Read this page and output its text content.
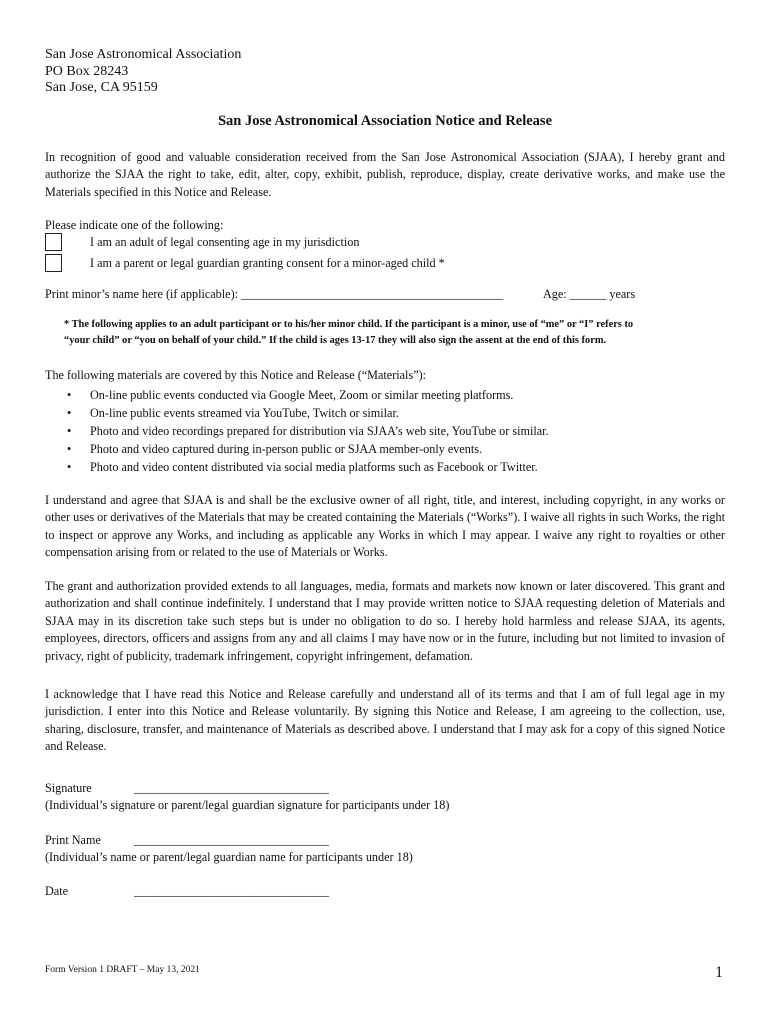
San Jose Astronomical Association
PO Box 28243
San Jose, CA 95159
San Jose Astronomical Association Notice and Release
In recognition of good and valuable consideration received from the San Jose Astronomical Association (SJAA), I hereby grant and authorize the SJAA the right to take, edit, alter, copy, exhibit, publish, reproduce, display, create derivative works, and make use the Materials specified in this Notice and Release.
Please indicate one of the following:
I am an adult of legal consenting age in my jurisdiction
I am a parent or legal guardian granting consent for a minor-aged child *
Print minor’s name here (if applicable): ___________________________________________	Age: ______ years
* The following applies to an adult participant or to his/her minor child. If the participant is a minor, use of “me” or “I” refers to
“your child” or “you on behalf of your child.” If the child is ages 13-17 they will also sign the assent at the end of this form.
The following materials are covered by this Notice and Release (“Materials”):
• On-line public events conducted via Google Meet, Zoom or similar meeting platforms.
• On-line public events streamed via YouTube, Twitch or similar.
• Photo and video recordings prepared for distribution via SJAA’s web site, YouTube or similar.
• Photo and video captured during in-person public or SJAA member-only events.
• Photo and video content distributed via social media platforms such as Facebook or Twitter.
I understand and agree that SJAA is and shall be the exclusive owner of all right, title, and interest, including copyright, in any works or other uses or derivatives of the Materials that may be created containing the Materials (“Works”). I waive all rights in such Works, the right to inspect or approve any Works, and including as applicable any Works in which I may appear. I waive any right to royalties or other compensation arising from or related to the use of Materials or Works.
The grant and authorization provided extends to all languages, media, formats and markets now known or later discovered. This grant and authorization and shall continue indefinitely. I understand that I may provide written notice to SJAA requesting deletion of Materials and SJAA may in its discretion take such steps but is under no obligation to do so. I hereby hold harmless and release SJAA, its agents, employees, directors, officers and assigns from any and all claims I may have now or in the future, including but not limited to invasion of privacy, right of publicity, trademark infringement, copyright infringement, defamation.
I acknowledge that I have read this Notice and Release carefully and understand all of its terms and that I am of full legal age in my jurisdiction. I enter into this Notice and Release voluntarily. By signing this Notice and Release, I am agreeing to the collection, use, sharing, disclosure, transfer, and maintenance of Materials as described above. I understand that I may ask for a copy of this signed Notice and Release.
Signature	________________________________
(Individual’s signature or parent/legal guardian signature for participants under 18)
Print Name	________________________________
(Individual’s name or parent/legal guardian name for participants under 18)
Date	________________________________
Form Version 1 DRAFT – May 13, 2021	1
